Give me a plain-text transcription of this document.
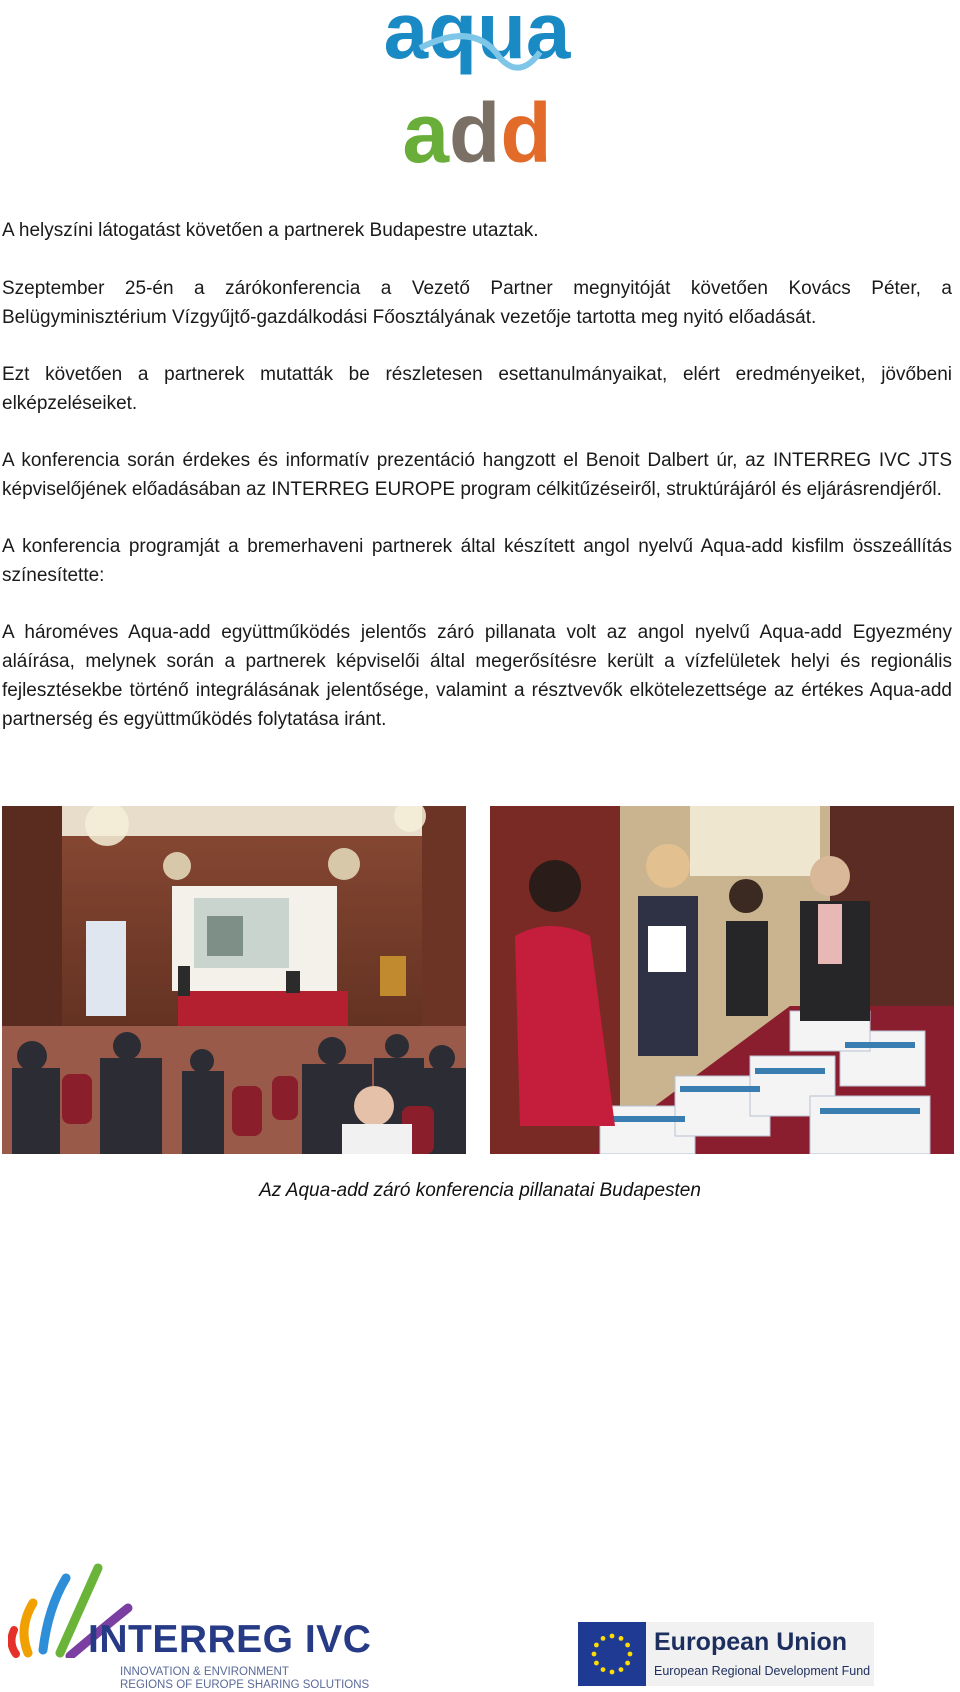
aqua
add

A helyszíni látogatást követően a partnerek Budapestre utaztak.

Szeptember 25-én a zárókonferencia a Vezető Partner megnyitóját követően Kovács Péter, a Belügyminisztérium Vízgyűjtő-gazdálkodási Főosztályának vezetője tartotta meg nyitó előadását.

Ezt követően a partnerek mutatták be részletesen esettanulmányaikat, elért eredményeiket, jövőbeni elképzeléseiket.

A konferencia során érdekes és informatív prezentáció hangzott el Benoit Dalbert úr, az INTERREG IVC JTS képviselőjének előadásában az INTERREG EUROPE program célkitűzéseiről, struktúrájáról és eljárásrendjéről.

A konferencia programját a bremerhaveni partnerek által készített angol nyelvű Aqua-add kisfilm összeállítás színesítette:

A hároméves Aqua-add együttműködés jelentős záró pillanata volt az angol nyelvű Aqua-add Egyezmény aláírása, melynek során a partnerek képviselői által megerősítésre került a vízfelületek helyi és regionális fejlesztésekbe történő integrálásának jelentősége, valamint a résztvevők elkötelezettsége az értékes Aqua-add partnerség és együttműködés folytatása iránt.

Az Aqua-add záró konferencia pillanatai Budapesten
INTERREG IVC
INNOVATION & ENVIRONMENT
REGIONS OF EUROPE SHARING SOLUTIONS
European Union
European Regional Development Fund
